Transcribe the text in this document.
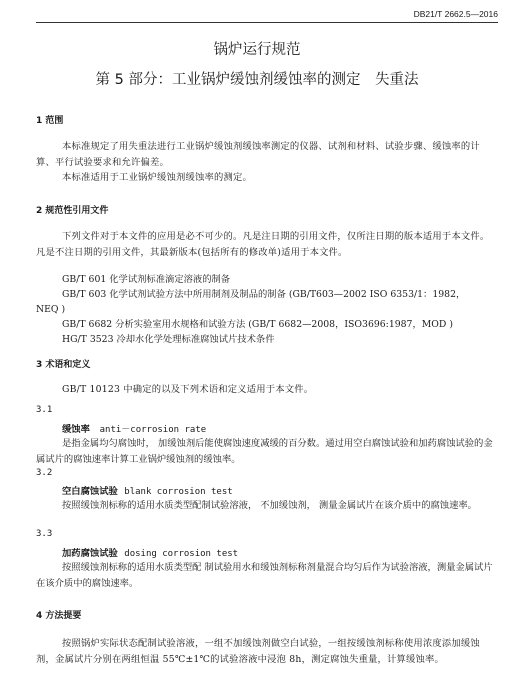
DB21/T 2662.5—2016
锅炉运行规范
第 5 部分：工业锅炉缓蚀剂缓蚀率的测定　失重法
1 范围

本标准规定了用失重法进行工业锅炉缓蚀剂缓蚀率测定的仪器、试剂和材料、试验步骤、缓蚀率的计算、平行试验要求和允许偏差。

本标准适用于工业锅炉缓蚀剂缓蚀率的测定。

2 规范性引用文件

下列文件对于本文件的应用是必不可少的。凡是注日期的引用文件，仅所注日期的版本适用于本文件。凡是不注日期的引用文件，其最新版本(包括所有的修改单)适用于本文件。

GB/T 601 化学试剂标准滴定溶液的制备
GB/T 603 化学试剂试验方法中所用制剂及制品的制备 (GB/T603—2002 ISO 6353/1：1982，
NEQ )
GB/T 6682 分析实验室用水规格和试验方法 (GB/T 6682—2008，ISO3696:1987，MOD )
HG/T 3523 冷却水化学处理标准腐蚀试片技术条件
3 术语和定义

GB/T 10123 中确定的以及下列术语和定义适用于本文件。

3.1
缓蚀率 anti－corrosion rate

是指金属均匀腐蚀时， 加缓蚀剂后能使腐蚀速度减缓的百分数。通过用空白腐蚀试验和加药腐蚀试验的金属试片的腐蚀速率计算工业锅炉缓蚀剂的缓蚀率。

3.2
空白腐蚀试验 blank corrosion test

按照缓蚀剂标称的适用水质类型配制试验溶液， 不加缓蚀剂， 测量金属试片在该介质中的腐蚀速率。

3.3
加药腐蚀试验 dosing corrosion test

按照缓蚀剂标称的适用水质类型配 制试验用水和缓蚀剂标称剂量混合均匀后作为试验溶液，测量金属试片在该介质中的腐蚀速率。

4 方法提要

按照锅炉实际状态配制试验溶液，一组不加缓蚀剂做空白试验，一组按缓蚀剂标称使用浓度添加缓蚀剂，金属试片分别在两组恒温 55℃±1℃的试验溶液中浸泡 8h，测定腐蚀失重量，计算缓蚀率。
